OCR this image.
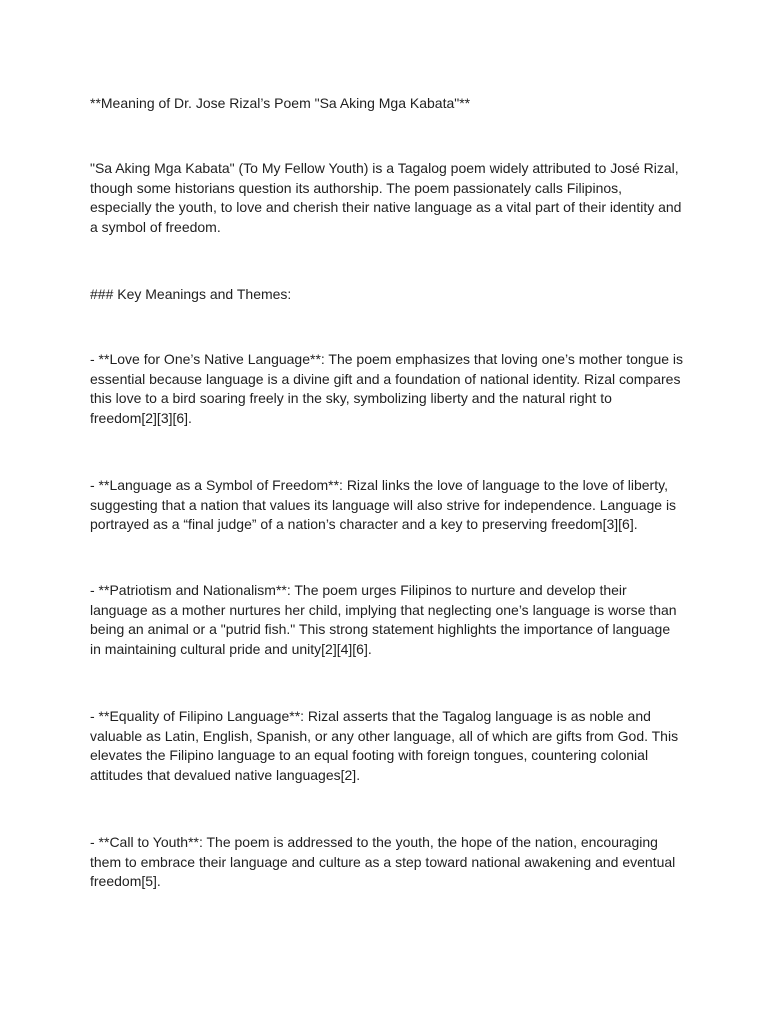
**Meaning of Dr. Jose Rizal’s Poem "Sa Aking Mga Kabata"**
"Sa Aking Mga Kabata" (To My Fellow Youth) is a Tagalog poem widely attributed to José Rizal,
though some historians question its authorship. The poem passionately calls Filipinos,
especially the youth, to love and cherish their native language as a vital part of their identity and
a symbol of freedom.
### Key Meanings and Themes:
- **Love for One’s Native Language**: The poem emphasizes that loving one’s mother tongue is
essential because language is a divine gift and a foundation of national identity. Rizal compares
this love to a bird soaring freely in the sky, symbolizing liberty and the natural right to
freedom[2][3][6].
- **Language as a Symbol of Freedom**: Rizal links the love of language to the love of liberty,
suggesting that a nation that values its language will also strive for independence. Language is
portrayed as a “final judge” of a nation’s character and a key to preserving freedom[3][6].
- **Patriotism and Nationalism**: The poem urges Filipinos to nurture and develop their
language as a mother nurtures her child, implying that neglecting one’s language is worse than
being an animal or a "putrid fish." This strong statement highlights the importance of language
in maintaining cultural pride and unity[2][4][6].
- **Equality of Filipino Language**: Rizal asserts that the Tagalog language is as noble and
valuable as Latin, English, Spanish, or any other language, all of which are gifts from God. This
elevates the Filipino language to an equal footing with foreign tongues, countering colonial
attitudes that devalued native languages[2].
- **Call to Youth**: The poem is addressed to the youth, the hope of the nation, encouraging
them to embrace their language and culture as a step toward national awakening and eventual
freedom[5].
